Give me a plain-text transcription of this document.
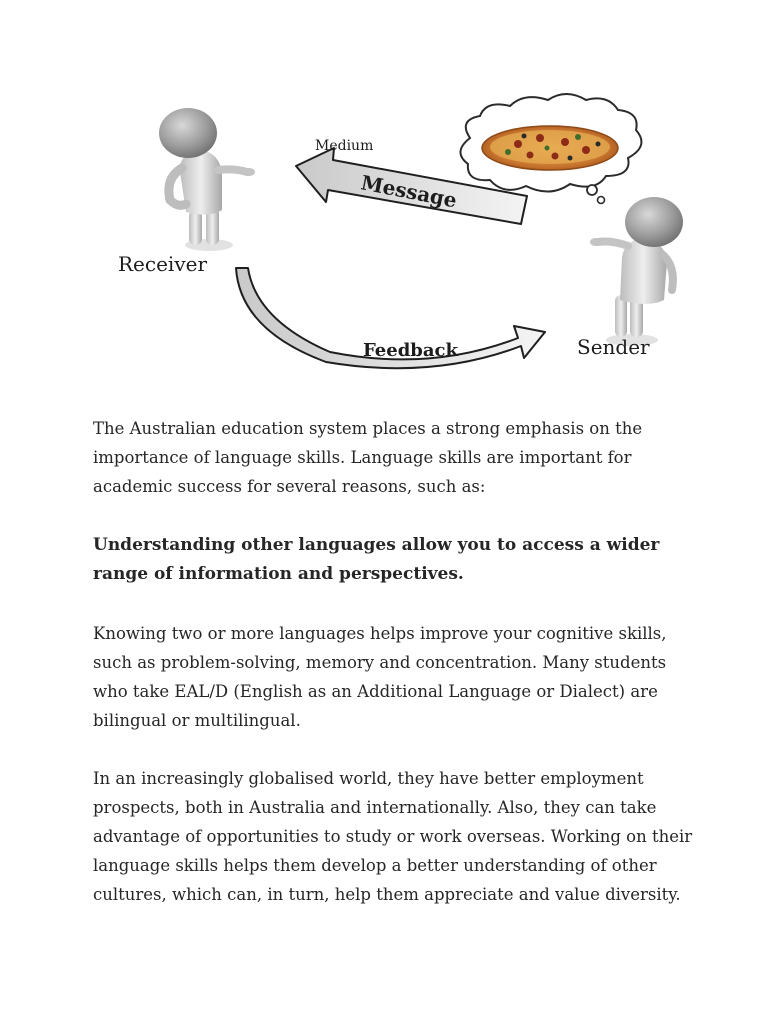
Receiver
Sender
Medium
Message
Feedback

The Australian education system places a strong emphasis on the importance of language skills. Language skills are important for academic success for several reasons, such as:

Understanding other languages allow you to access a wider range of information and perspectives.

Knowing two or more languages helps improve your cognitive skills, such as problem-solving, memory and concentration. Many students who take EAL/D (English as an Additional Language or Dialect) are bilingual or multilingual.

In an increasingly globalised world, they have better employment prospects, both in Australia and internationally. Also, they can take advantage of opportunities to study or work overseas. Working on their language skills helps them develop a better understanding of other cultures, which can, in turn, help them appreciate and value diversity.
